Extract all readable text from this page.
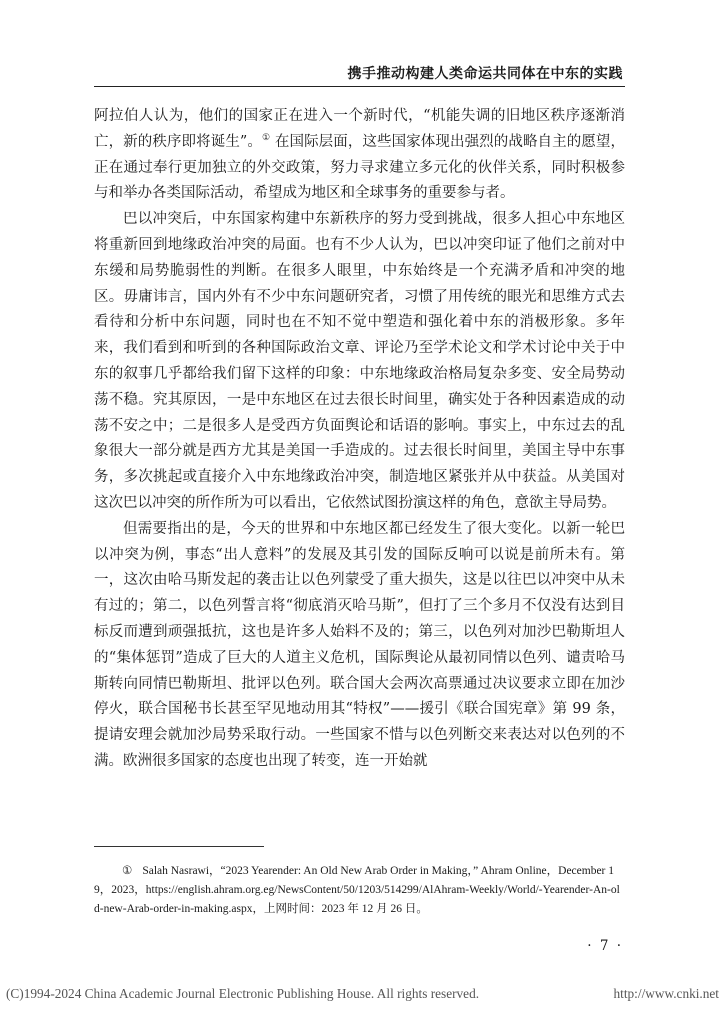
携手推动构建人类命运共同体在中东的实践

阿拉伯人认为，他们的国家正在进入一个新时代，“机能失调的旧地区秩序逐渐消亡，新的秩序即将诞生”。① 在国际层面，这些国家体现出强烈的战略自主的愿望，正在通过奉行更加独立的外交政策，努力寻求建立多元化的伙伴关系，同时积极参与和举办各类国际活动，希望成为地区和全球事务的重要参与者。

巴以冲突后，中东国家构建中东新秩序的努力受到挑战，很多人担心中东地区将重新回到地缘政治冲突的局面。也有不少人认为，巴以冲突印证了他们之前对中东缓和局势脆弱性的判断。在很多人眼里，中东始终是一个充满矛盾和冲突的地区。毋庸讳言，国内外有不少中东问题研究者，习惯了用传统的眼光和思维方式去看待和分析中东问题，同时也在不知不觉中塑造和强化着中东的消极形象。多年来，我们看到和听到的各种国际政治文章、评论乃至学术论文和学术讨论中关于中东的叙事几乎都给我们留下这样的印象：中东地缘政治格局复杂多变、安全局势动荡不稳。究其原因，一是中东地区在过去很长时间里，确实处于各种因素造成的动荡不安之中；二是很多人是受西方负面舆论和话语的影响。事实上，中东过去的乱象很大一部分就是西方尤其是美国一手造成的。过去很长时间里，美国主导中东事务，多次挑起或直接介入中东地缘政治冲突，制造地区紧张并从中获益。从美国对这次巴以冲突的所作所为可以看出，它依然试图扮演这样的角色，意欲主导局势。

但需要指出的是，今天的世界和中东地区都已经发生了很大变化。以新一轮巴以冲突为例，事态“出人意料”的发展及其引发的国际反响可以说是前所未有。第一，这次由哈马斯发起的袭击让以色列蒙受了重大损失，这是以往巴以冲突中从未有过的；第二，以色列誓言将“彻底消灭哈马斯”，但打了三个多月不仅没有达到目标反而遭到顽强抵抗，这也是许多人始料不及的；第三，以色列对加沙巴勒斯坦人的“集体惩罚”造成了巨大的人道主义危机，国际舆论从最初同情以色列、谴责哈马斯转向同情巴勒斯坦、批评以色列。联合国大会两次高票通过决议要求立即在加沙停火，联合国秘书长甚至罕见地动用其“特权”——援引《联合国宪章》第 99 条，提请安理会就加沙局势采取行动。一些国家不惜与以色列断交来表达对以色列的不满。欧洲很多国家的态度也出现了转变，连一开始就

① Salah Nasrawi，“2023 Yearender: An Old New Arab Order in Making，” Ahram Online，December 19，2023，https://english.ahram.org.eg/NewsContent/50/1203/514299/AlAhram-Weekly/World/-Yearender-An-old-new-Arab-order-in-making.aspx，上网时间：2023 年 12 月 26 日。
· 7 ·
(C)1994-2024 China Academic Journal Electronic Publishing House. All rights reserved.	http://www.cnki.net
